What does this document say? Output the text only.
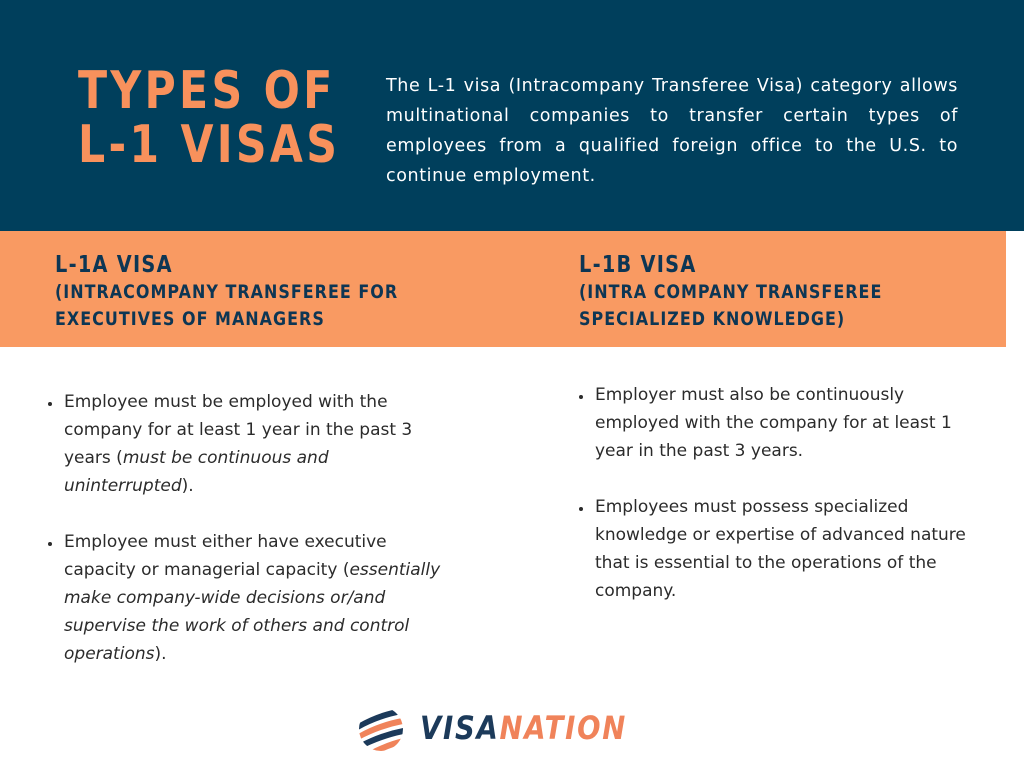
TYPES OF
L-1 VISAS

The L-1 visa (Intracompany Transferee Visa) category allows multinational companies to transfer certain types of employees from a qualified foreign office to the U.S. to continue employment.

L-1A VISA
(INTRACOMPANY TRANSFEREE FOR
EXECUTIVES OF MANAGERS
L-1B VISA
(INTRA COMPANY TRANSFEREE
SPECIALIZED KNOWLEDGE)
• Employee must be employed with the company for at least 1 year in the past 3 years (must be continuous and uninterrupted).
• Employee must either have executive capacity or managerial capacity (essentially make company-wide decisions or/and supervise the work of others and control operations).
• Employer must also be continuously employed with the company for at least 1 year in the past 3 years.
• Employees must possess specialized knowledge or expertise of advanced nature that is essential to the operations of the company.
VISANATION
